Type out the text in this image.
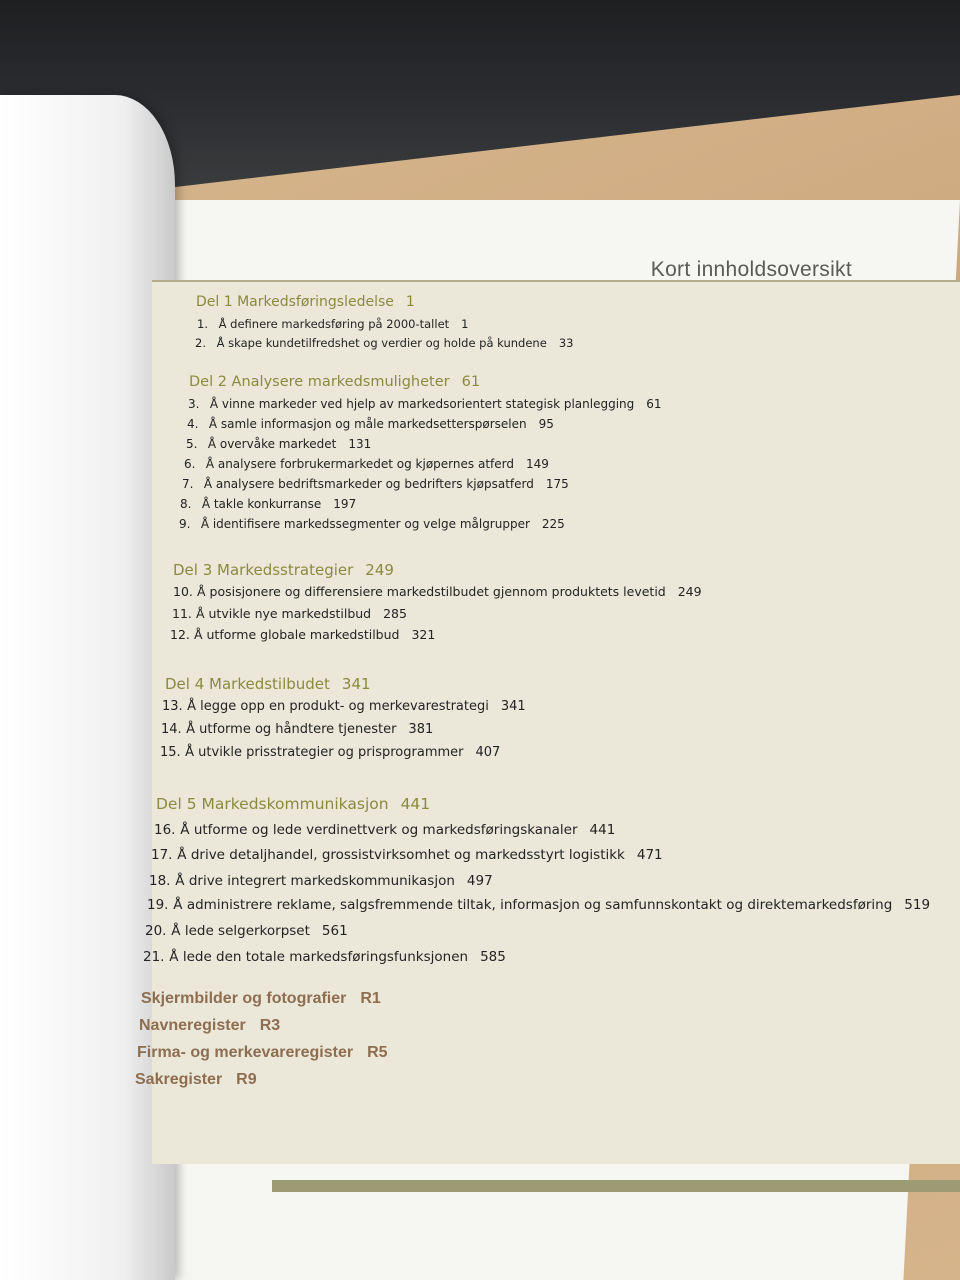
Kort innholdsoversikt
Del 1 Markedsføringsledelse 1
1. Å definere markedsføring på 2000-tallet 1
2. Å skape kundetilfredshet og verdier og holde på kundene 33
Del 2 Analysere markedsmuligheter 61
3. Å vinne markeder ved hjelp av markedsorientert stategisk planlegging 61
4. Å samle informasjon og måle markedsetterspørselen 95
5. Å overvåke markedet 131
6. Å analysere forbrukermarkedet og kjøpernes atferd 149
7. Å analysere bedriftsmarkeder og bedrifters kjøpsatferd 175
8. Å takle konkurranse 197
9. Å identifisere markedssegmenter og velge målgrupper 225
Del 3 Markedsstrategier 249
10. Å posisjonere og differensiere markedstilbudet gjennom produktets levetid 249
11. Å utvikle nye markedstilbud 285
12. Å utforme globale markedstilbud 321
Del 4 Markedstilbudet 341
13. Å legge opp en produkt- og merkevarestrategi 341
14. Å utforme og håndtere tjenester 381
15. Å utvikle prisstrategier og prisprogrammer 407
Del 5 Markedskommunikasjon 441
16. Å utforme og lede verdinettverk og markedsføringskanaler 441
17. Å drive detaljhandel, grossistvirksomhet og markedsstyrt logistikk 471
18. Å drive integrert markedskommunikasjon 497
19. Å administrere reklame, salgsfremmende tiltak, informasjon og samfunnskontakt og direktemarkedsføring 519
20. Å lede selgerkorpset 561
21. Å lede den totale markedsføringsfunksjonen 585
Skjermbilder og fotografier R1
Navneregister R3
Firma- og merkevareregister R5
Sakregister R9
